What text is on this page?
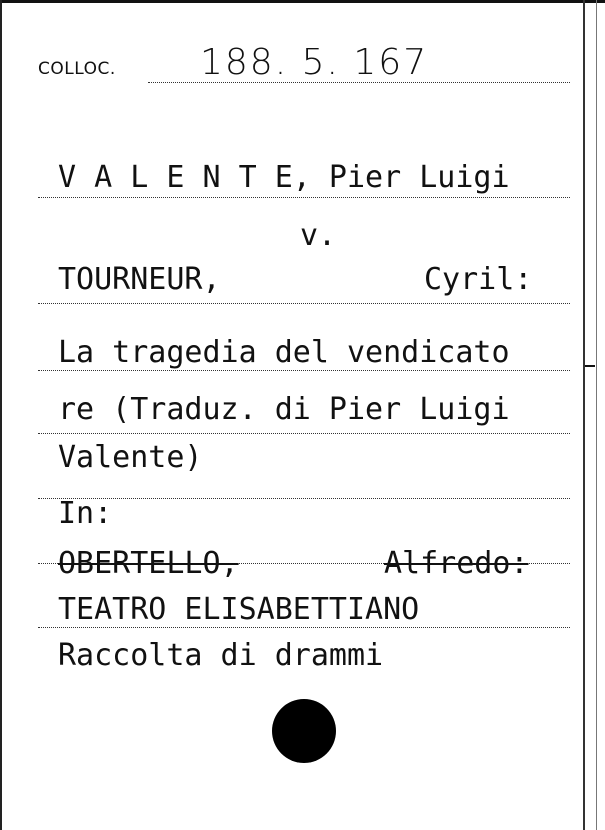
COLLOC. 188. 5. 167
V A L E N T E, Pier Luigi
v.
TOURNEUR,	Cyril:
La tragedia del vendicato
re (Traduz. di Pier Luigi
Valente)
In:
OBERTELLO,	Alfredo:
TEATRO ELISABETTIANO
Raccolta di drammi
